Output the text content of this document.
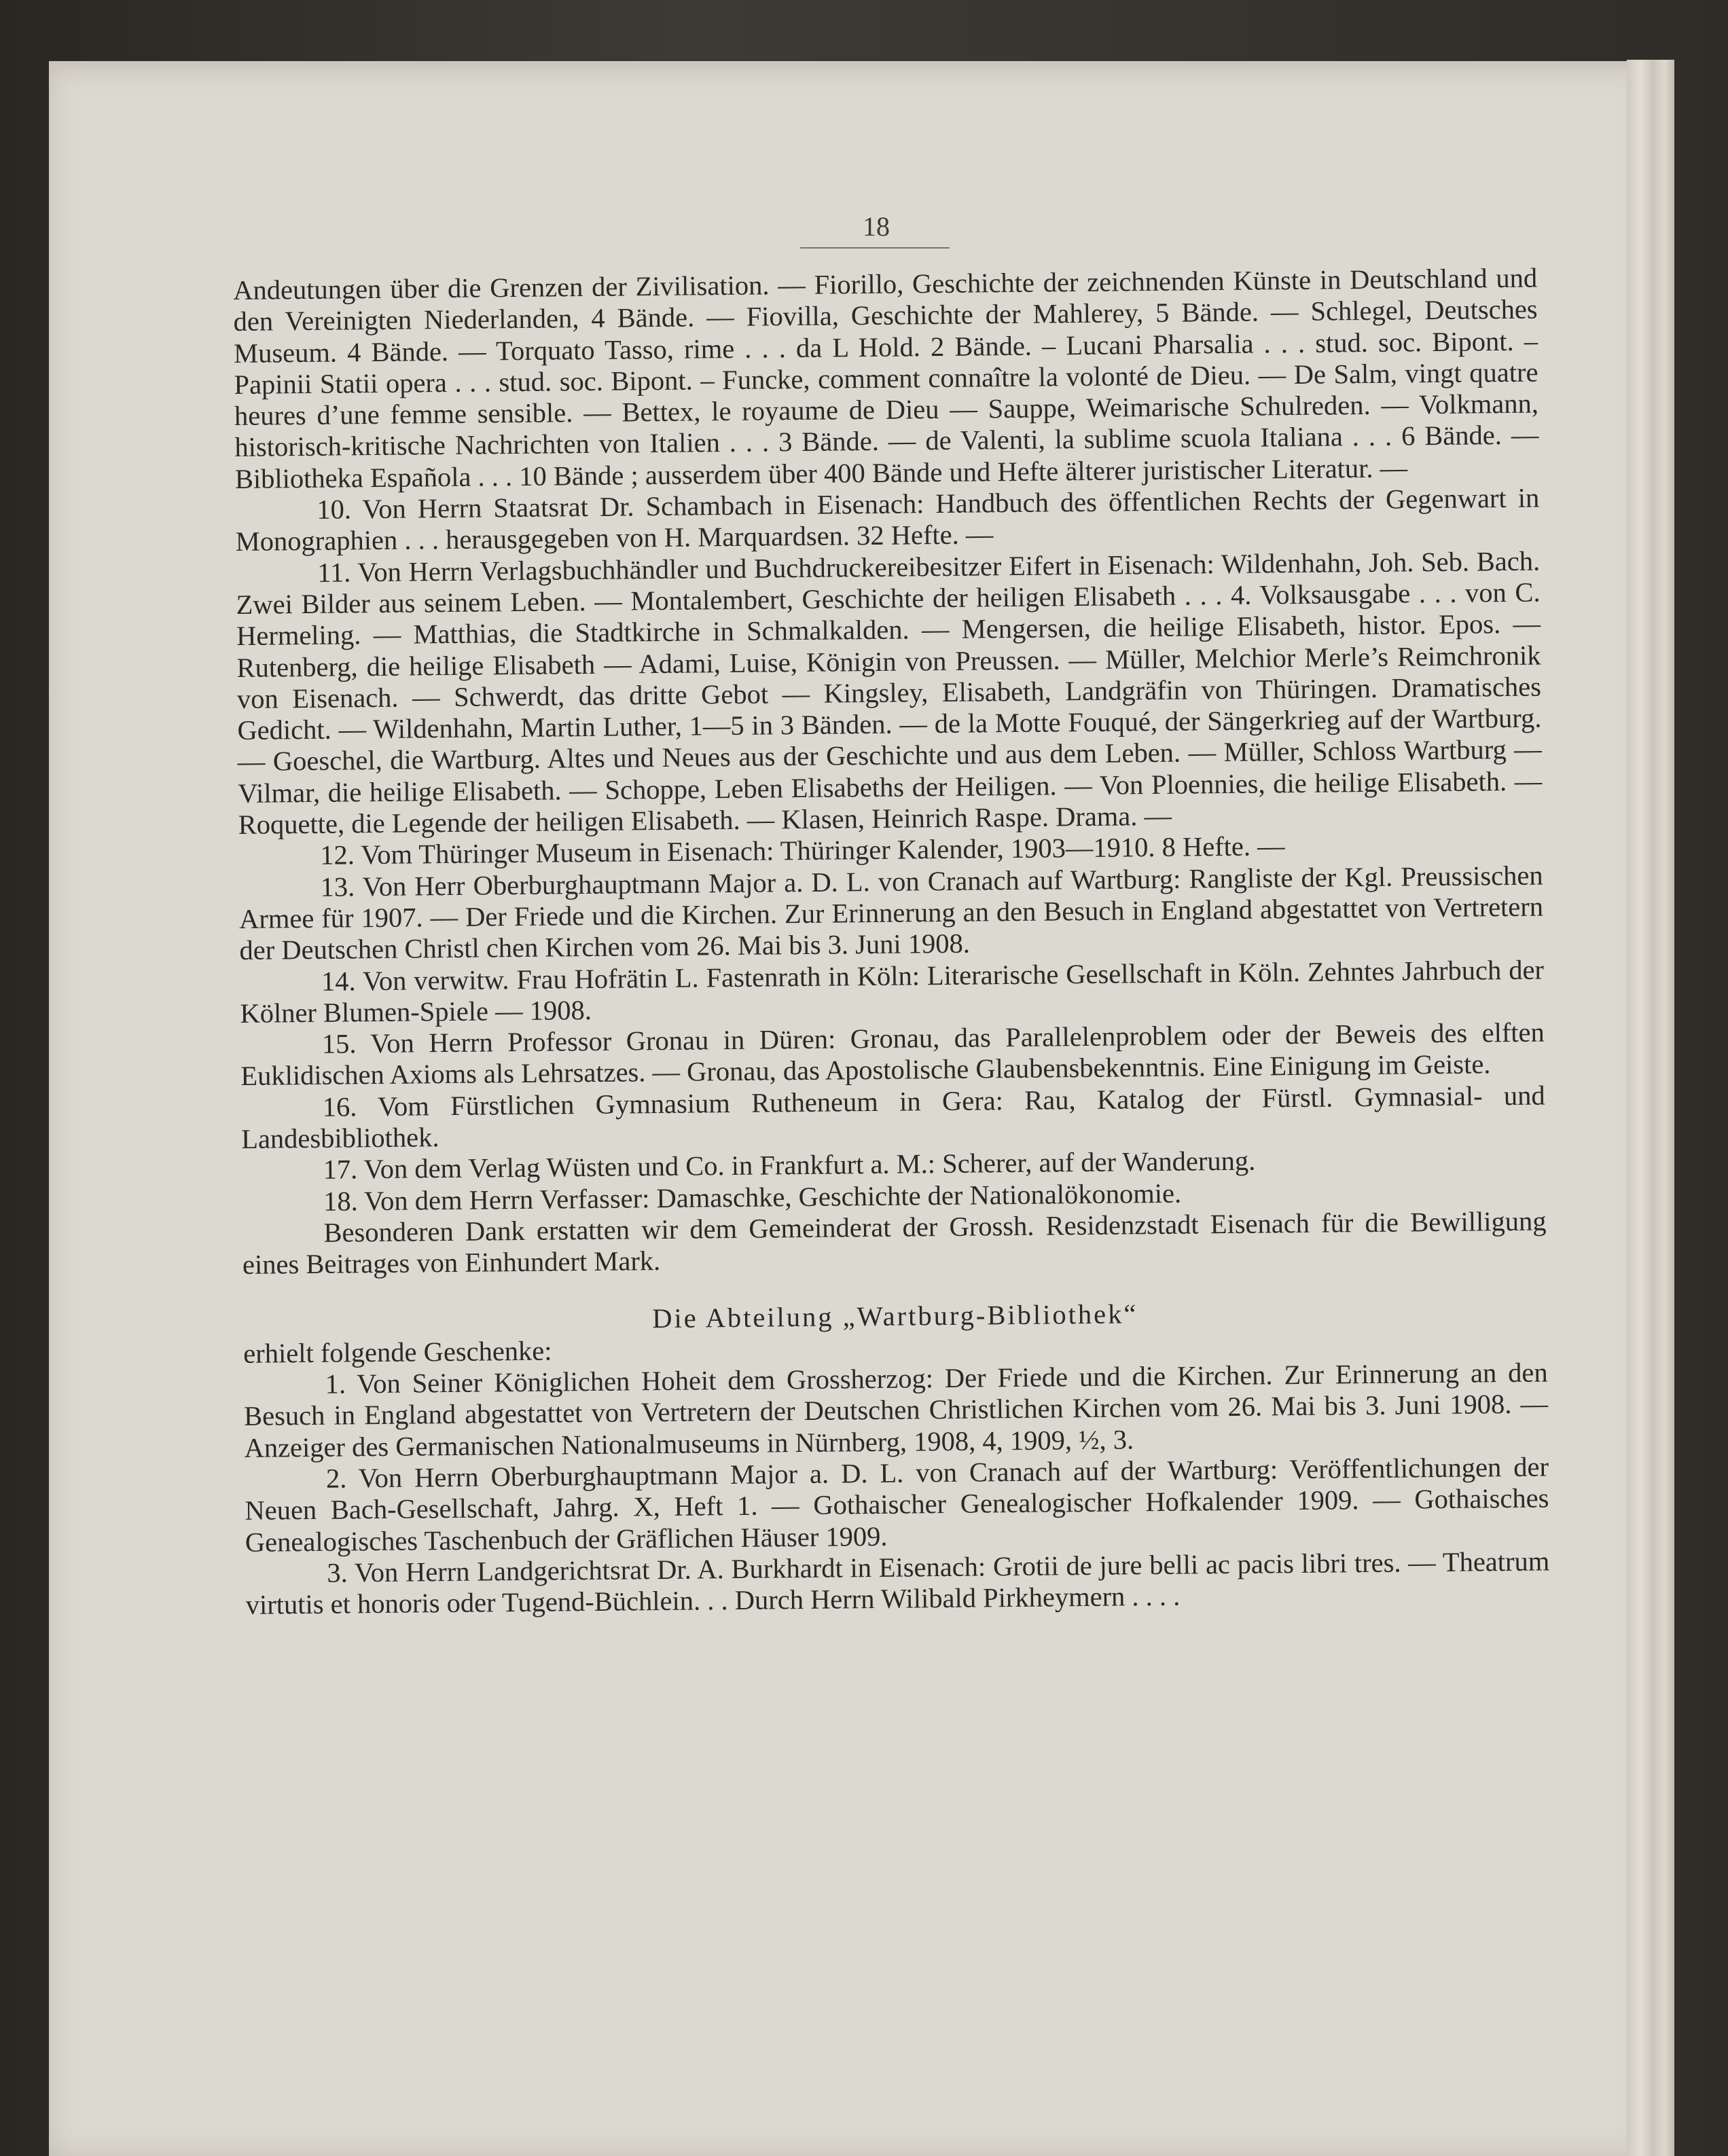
18

Andeutungen über die Grenzen der Zivilisation. — Fiorillo, Geschichte der zeichnenden Künste in Deutschland und den Vereinigten Niederlanden, 4 Bände. — Fiovilla, Geschichte der Mahlerey, 5 Bände. — Schlegel, Deutsches Museum. 4 Bände. — Torquato Tasso, rime . . . da L Hold. 2 Bände. – Lucani Pharsalia . . . stud. soc. Bipont. – Papinii Statii opera . . . stud. soc. Bipont. – Funcke, comment connaître la volonté de Dieu. — De Salm, vingt quatre heures d’une femme sensible. — Bettex, le royaume de Dieu — Sauppe, Weimarische Schulreden. — Volkmann, historisch-kritische Nachrichten von Italien . . . 3 Bände. — de Valenti, la sublime scuola Italiana . . . 6 Bände. — Bibliotheka Española . . . 10 Bände ; ausserdem über 400 Bände und Hefte älterer juristischer Literatur. —

10. Von Herrn Staatsrat Dr. Schambach in Eisenach: Handbuch des öffentlichen Rechts der Gegenwart in Monographien . . . herausgegeben von H. Marquardsen. 32 Hefte. —

11. Von Herrn Verlagsbuchhändler und Buchdruckereibesitzer Eifert in Eisenach: Wildenhahn, Joh. Seb. Bach. Zwei Bilder aus seinem Leben. — Montalembert, Geschichte der heiligen Elisabeth . . . 4. Volksausgabe . . . von C. Hermeling. — Matthias, die Stadtkirche in Schmalkalden. — Mengersen, die heilige Elisabeth, histor. Epos. — Rutenberg, die heilige Elisabeth — Adami, Luise, Königin von Preussen. — Müller, Melchior Merle’s Reimchronik von Eisenach. — Schwerdt, das dritte Gebot — Kingsley, Elisabeth, Landgräfin von Thüringen. Dramatisches Gedicht. — Wildenhahn, Martin Luther, 1—5 in 3 Bänden. — de la Motte Fouqué, der Sängerkrieg auf der Wartburg. — Goeschel, die Wartburg. Altes und Neues aus der Geschichte und aus dem Leben. — Müller, Schloss Wartburg — Vilmar, die heilige Elisabeth. — Schoppe, Leben Elisabeths der Heiligen. — Von Ploennies, die heilige Elisabeth. — Roquette, die Legende der heiligen Elisabeth. — Klasen, Heinrich Raspe. Drama. —

12. Vom Thüringer Museum in Eisenach: Thüringer Kalender, 1903—1910. 8 Hefte. —

13. Von Herr Oberburghauptmann Major a. D. L. von Cranach auf Wartburg: Rangliste der Kgl. Preussischen Armee für 1907. — Der Friede und die Kirchen. Zur Erinnerung an den Besuch in England abgestattet von Vertretern der Deutschen Christl chen Kirchen vom 26. Mai bis 3. Juni 1908.

14. Von verwitw. Frau Hofrätin L. Fastenrath in Köln: Literarische Gesellschaft in Köln. Zehntes Jahrbuch der Kölner Blumen-Spiele — 1908.

15. Von Herrn Professor Gronau in Düren: Gronau, das Parallelenproblem oder der Beweis des elften Euklidischen Axioms als Lehrsatzes. — Gronau, das Apostolische Glaubensbekenntnis. Eine Einigung im Geiste.

16. Vom Fürstlichen Gymnasium Rutheneum in Gera: Rau, Katalog der Fürstl. Gymnasial- und Landesbibliothek.

17. Von dem Verlag Wüsten und Co. in Frankfurt a. M.: Scherer, auf der Wanderung.

18. Von dem Herrn Verfasser: Damaschke, Geschichte der Nationalökonomie.

Besonderen Dank erstatten wir dem Gemeinderat der Grossh. Residenzstadt Eisenach für die Bewilligung eines Beitrages von Einhundert Mark.

Die Abteilung „Wartburg-Bibliothek“

erhielt folgende Geschenke:

1. Von Seiner Königlichen Hoheit dem Grossherzog: Der Friede und die Kirchen. Zur Erinnerung an den Besuch in England abgestattet von Vertretern der Deutschen Christlichen Kirchen vom 26. Mai bis 3. Juni 1908. — Anzeiger des Germanischen Nationalmuseums in Nürnberg, 1908, 4, 1909, ½, 3.

2. Von Herrn Oberburghauptmann Major a. D. L. von Cranach auf der Wartburg: Veröffentlichungen der Neuen Bach-Gesellschaft, Jahrg. X, Heft 1. — Gothaischer Genealogischer Hofkalender 1909. — Gothaisches Genealogisches Taschenbuch der Gräflichen Häuser 1909.

3. Von Herrn Landgerichtsrat Dr. A. Burkhardt in Eisenach: Grotii de jure belli ac pacis libri tres. — Theatrum virtutis et honoris oder Tugend-Büchlein. . . Durch Herrn Wilibald Pirkheymern . . . .
